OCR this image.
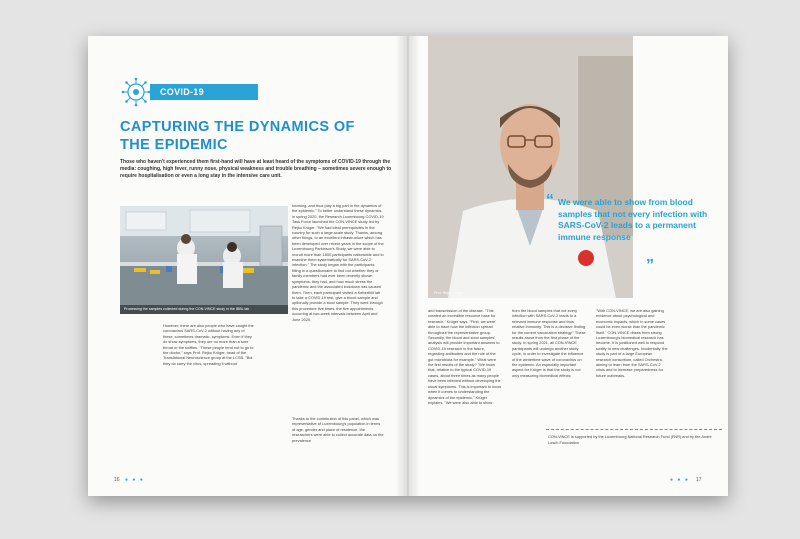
COVID-19
CAPTURING THE DYNAMICS OF
THE EPIDEMIC

Those who haven't experienced them first-hand will have at least heard of the symptoms of COVID-19 through the media: coughing, high fever, runny nose, physical weakness and trouble breathing – sometimes severe enough to require hospitalisation or even a long stay in the intensive care unit.

Processing the samples collected during the CON-VINCE study in the IBBL lab

However, there are also people who have caught the coronavirus SARS-CoV-2 without having any of these, sometimes dramatic, symptoms. Even if they do show symptoms, they are no more than a sore throat or the sniffles. "These people tend not to go to the doctor," says Prof. Rejko Krüger, head of the Translational Neuroscience group at the LCSB. "But they do carry the virus, spreading it without

knowing, and thus play a big part in the dynamics of the epidemic." To better understand these dynamics, in spring 2020, the Research Luxembourg COVID-19 Task Force launched the CON-VINCE study led by Rejko Krüger. "We had ideal prerequisites in the country for such a large-scale study. Thanks, among other things, to an excellent infrastructure which has been developed over recent years in the scope of the Luxembourg Parkinson's Study, we were able to recruit more than 1800 participants nationwide and to examine them systematically for SARS-CoV-2 infection." The study began with the participants filling in a questionnaire to find out whether they or family members had ever been recently shown symptoms, they had, and how much stress the pandemic and the associated lockdown has caused them. Then, each participant visited a Ketterthill lab to take a COVID-19 test, give a blood sample and optionally provide a stool sample. They went through this procedure five times, the five appointments occurring at two-week intervals between April and June 2020.

Thanks to the contribution of this panel, which was representative of Luxembourg's population in terms of age, gender and place of residence, the researchers were able to collect accurate data on the prevalence

16 ● ● ●
Prof. Rejko Krüger
“ We were able to show from blood samples that not every infection with SARS-CoV-2 leads to a permanent immune response

”

and transmission of the disease. "This created an incredible resource base for research," Krüger says. "First, we were able to trace how the infection spread throughout the representative group. Secondly, the blood and stool samples' analysis will provide important answers to COVID-19 research in the future, regarding antibodies and the role of the gut microbiota for example." What were the first results of the study? "We know that, relative to the typical COVID-19 cases, about three times as many people have been infected without developing the usual symptoms. This is important to know when it comes to understanding the dynamics of the epidemic," Krüger explains. "We were also able to show

from the blood samples that not every infection with SARS-CoV-2 leads to a relevant immune response and thus relative immunity. This is a decisive finding for the current vaccination strategy." These results arose from the first phase of the study. In spring 2021, all CON-VINCE participants will undergo another study cycle, in order to investigate the influence of the wintertime wave of coronavirus on the epidemic. An especially important aspect for Krüger is that the study is not only measuring biomedical effects

"With CON-VINCE, we are also gaining evidence about psychological and economic impacts, which in some cases could be even worse than the pandemic itself." CON-VINCE draws from strong Luxembourg's biomedical research has become. It is positioned well to respond swiftly to new challenges. Incidentally, the study is part of a large European research consortium, called Orchestra, aiming to learn from the SARS-CoV-2 crisis and to increase preparedness for future outbreaks.

CON-VINCE is supported by the Luxembourg National Research Fund (FNR) and by the André Losch Foundation

● ● ● 17
